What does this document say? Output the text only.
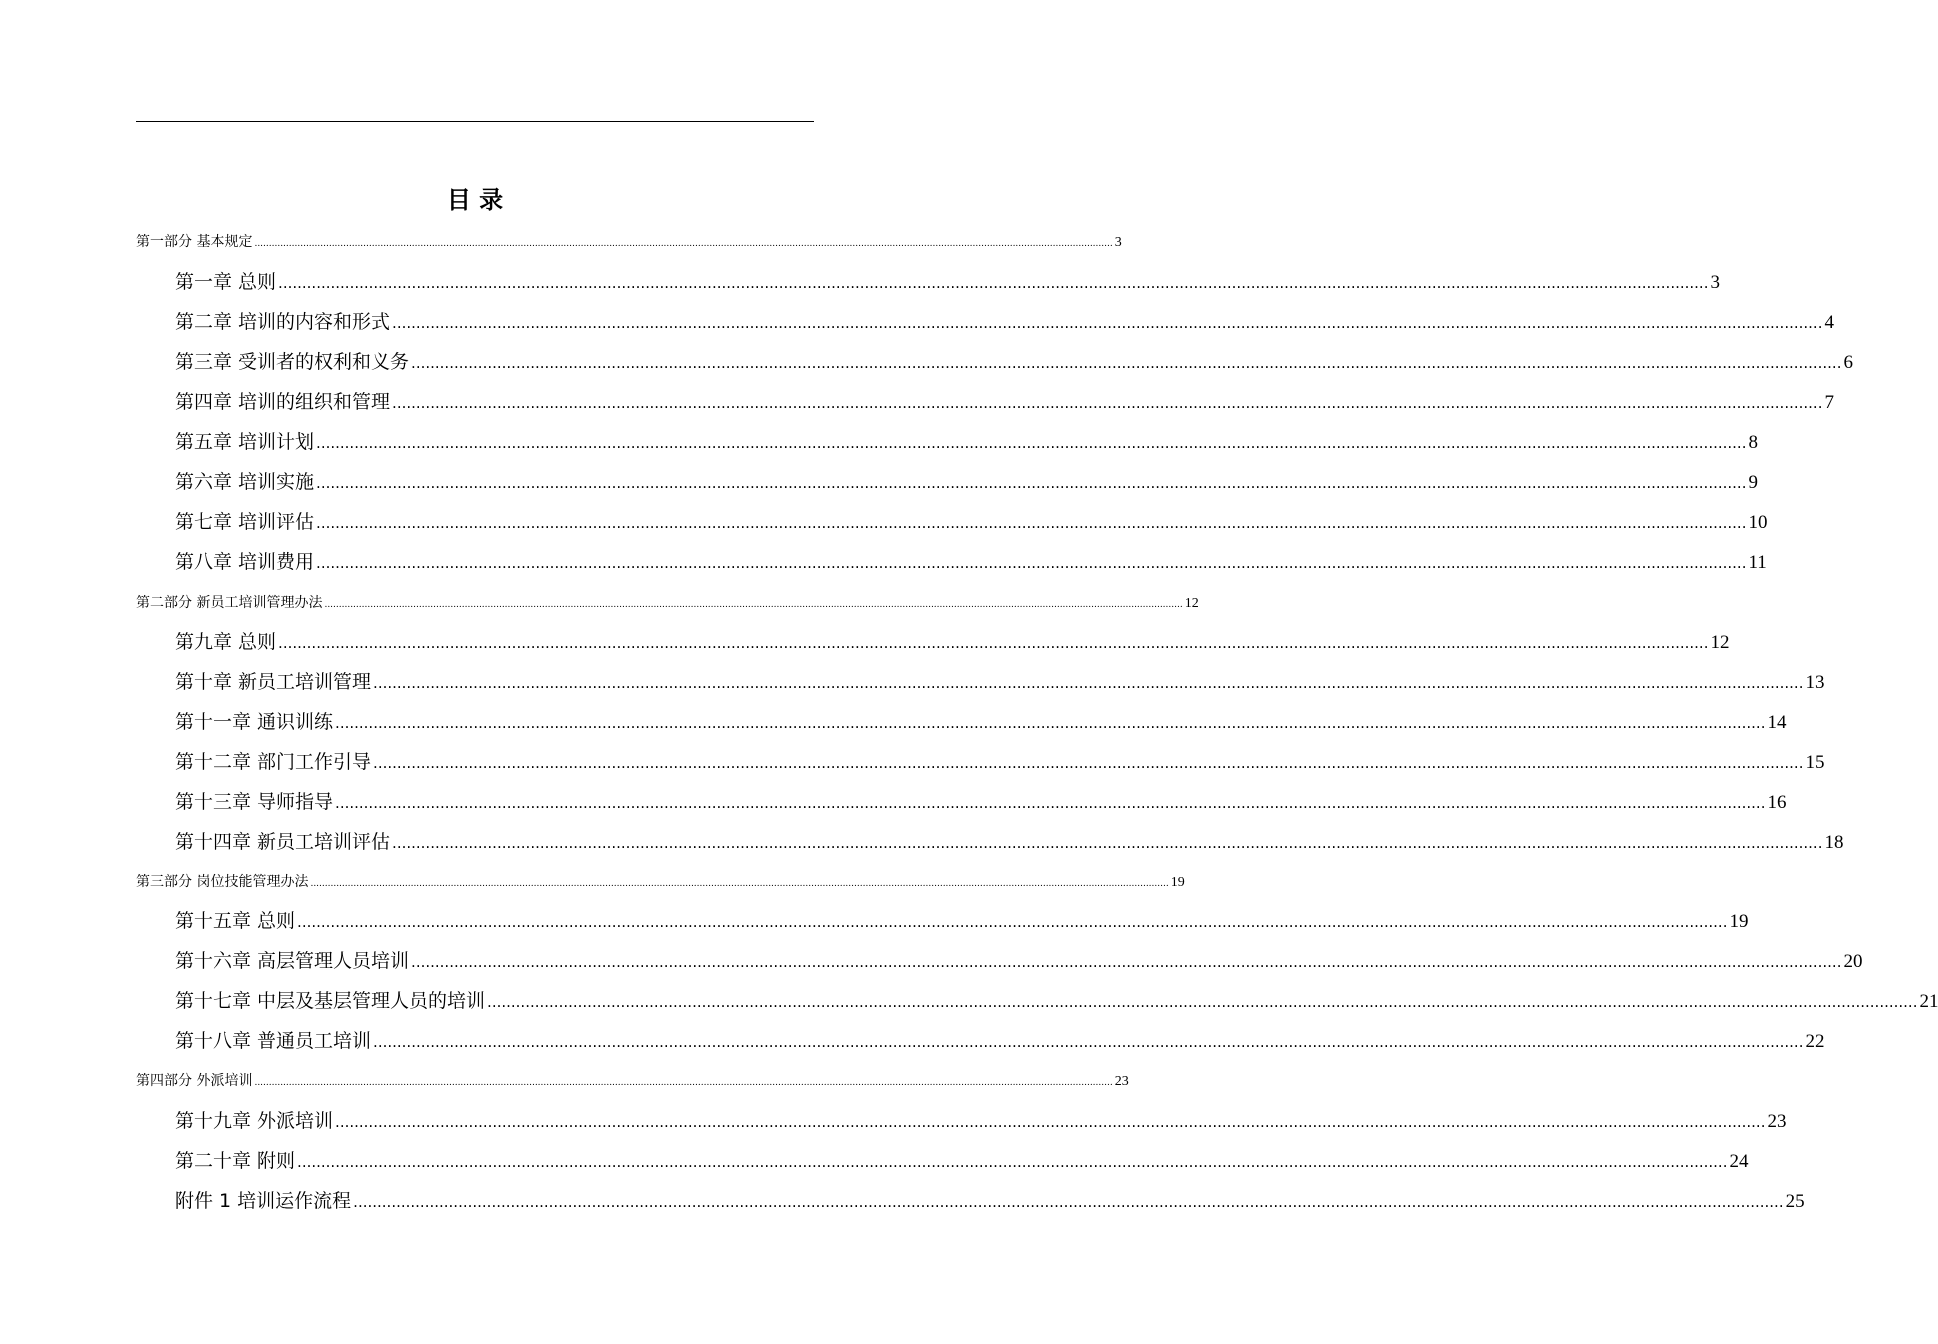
目 录
第一部分 基本规定 ............................................................................................................................................................................................................................................................................................................ 3
第一章 总则 ............................................................................................................................................................................................................................................................................................................ 3
第二章 培训的内容和形式 ............................................................................................................................................................................................................................................................................................................ 4
第三章 受训者的权利和义务 ............................................................................................................................................................................................................................................................................................................ 6
第四章 培训的组织和管理 ............................................................................................................................................................................................................................................................................................................ 7
第五章 培训计划 ............................................................................................................................................................................................................................................................................................................ 8
第六章 培训实施 ............................................................................................................................................................................................................................................................................................................ 9
第七章 培训评估 ............................................................................................................................................................................................................................................................................................................ 10
第八章 培训费用 ............................................................................................................................................................................................................................................................................................................ 11
第二部分 新员工培训管理办法 ............................................................................................................................................................................................................................................................................................................ 12
第九章 总则 ............................................................................................................................................................................................................................................................................................................ 12
第十章 新员工培训管理 ............................................................................................................................................................................................................................................................................................................ 13
第十一章 通识训练 ............................................................................................................................................................................................................................................................................................................ 14
第十二章 部门工作引导 ............................................................................................................................................................................................................................................................................................................ 15
第十三章 导师指导 ............................................................................................................................................................................................................................................................................................................ 16
第十四章 新员工培训评估 ............................................................................................................................................................................................................................................................................................................ 18
第三部分 岗位技能管理办法 ............................................................................................................................................................................................................................................................................................................ 19
第十五章 总则 ............................................................................................................................................................................................................................................................................................................ 19
第十六章 高层管理人员培训 ............................................................................................................................................................................................................................................................................................................ 20
第十七章 中层及基层管理人员的培训 ............................................................................................................................................................................................................................................................................................................ 21
第十八章 普通员工培训 ............................................................................................................................................................................................................................................................................................................ 22
第四部分 外派培训 ............................................................................................................................................................................................................................................................................................................ 23
第十九章 外派培训 ............................................................................................................................................................................................................................................................................................................ 23
第二十章 附则 ............................................................................................................................................................................................................................................................................................................ 24
附件 1 培训运作流程 ............................................................................................................................................................................................................................................................................................................ 25
